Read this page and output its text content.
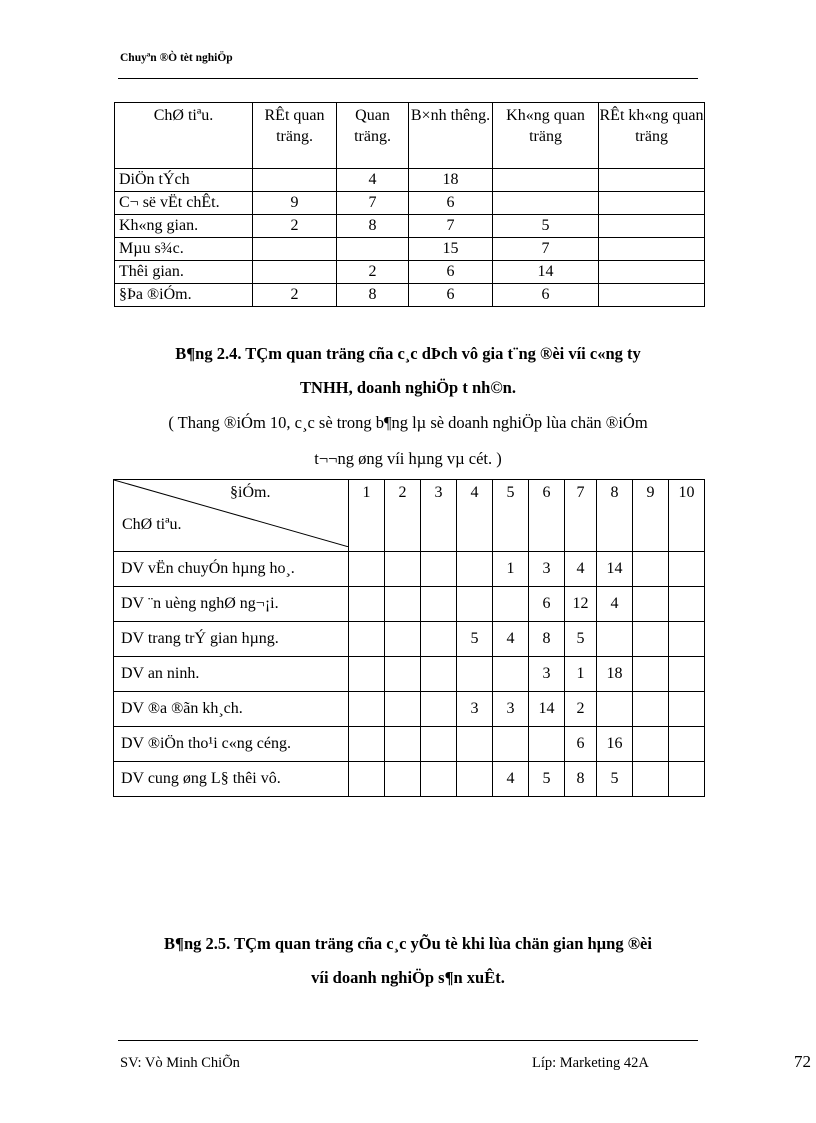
Chuyªn ®Ò tèt nghiÖp
ChØ tiªu.	RÊt quan träng.	Quan träng.	B×nh thêng.	Kh«ng quan träng	RÊt kh«ng quan träng
DiÖn tÝch		4	18		
C¬ së vËt chÊt.	9	7	6		
Kh«ng gian.	2	8	7	5	
Mµu s¾c.			15	7	
Thêi gian.		2	6	14	
§Þa ®iÓm.	2	8	6	6	
B¶ng 2.4. TÇm quan träng cña c¸c dÞch vô gia t¨ng ®èi víi c«ng ty
TNHH, doanh nghiÖp t nh©n.
( Thang ®iÓm 10, c¸c sè trong b¶ng lµ sè doanh nghiÖp lùa chän ®iÓm
t¬¬ng øng víi hµng vµ cét. )
§iÓm.
ChØ tiªu.	1	2	3	4	5	6	7	8	9	10
DV vËn chuyÓn hµng ho¸.					1	3	4	14		
DV ¨n uèng nghØ ng¬¡i.						6	12	4		
DV trang trÝ gian hµng.				5	4	8	5			
DV an ninh.						3	1	18		
DV ®a ®ãn kh¸ch.				3	3	14	2			
DV ®iÖn tho¹i c«ng céng.							6	16		
DV cung øng L§ thêi vô.					4	5	8	5		
B¶ng 2.5. TÇm quan träng cña c¸c yÕu tè khi lùa chän gian hµng ®èi
víi doanh nghiÖp s¶n xuÊt.
SV: Vò Minh ChiÕn	Líp: Marketing 42A	72
